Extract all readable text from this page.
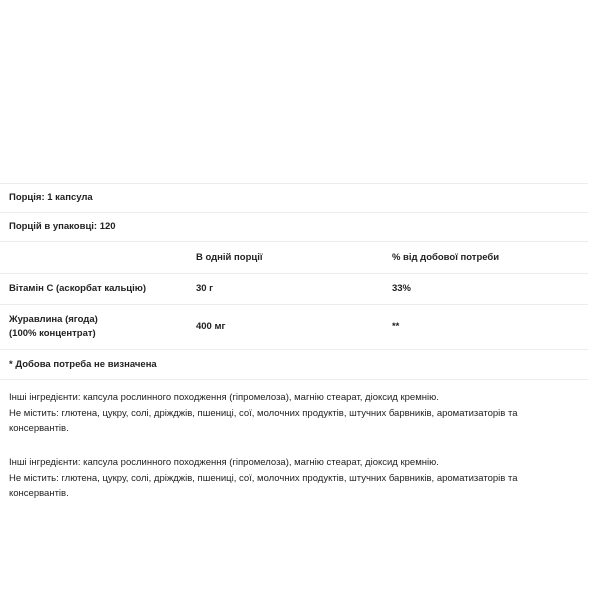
Порція: 1 капсула		
Порцій в упаковці: 120		
	В одній порції	% від добової потреби
Вітамін C (аскорбат кальцію)	30 г	33%
Журавлина (ягода)
(100% концентрат)	400 мг	**
* Добова потреба не визначена		

Інші інгредієнти: капсула рослинного походження (гіпромелоза), магнію стеарат, діоксид кремнію.

Не містить: глютена, цукру, солі, дріжджів, пшениці, сої, молочних продуктів, штучних барвників, ароматизаторів та консервантів.

Інші інгредієнти: капсула рослинного походження (гіпромелоза), магнію стеарат, діоксид кремнію.

Не містить: глютена, цукру, солі, дріжджів, пшениці, сої, молочних продуктів, штучних барвників, ароматизаторів та консервантів.
